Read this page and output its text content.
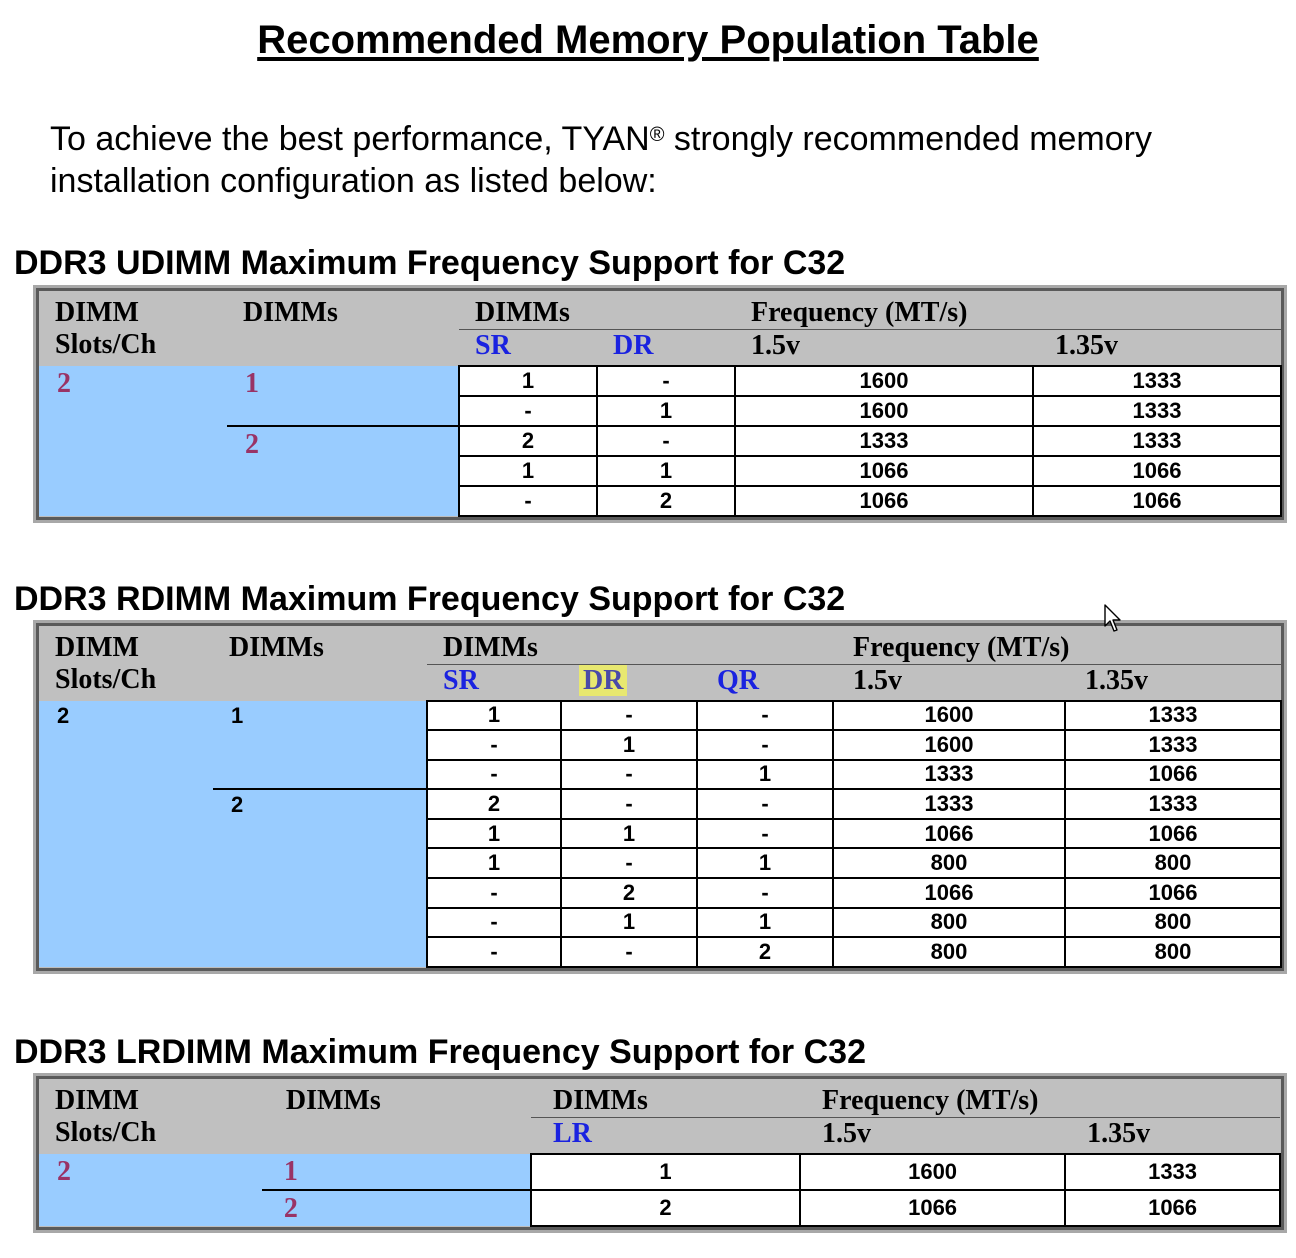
Recommended Memory Population Table

To achieve the best performance, TYAN® strongly recommended memory
installation configuration as listed below:

DDR3 UDIMM Maximum Frequency Support for C32
DIMM
Slots/Ch	DIMMs	DIMMs		Frequency (MT/s)	
		SR	DR	1.5v	1.35v
2	1	1	-	1600	1333
		-	1	1600	1333
	2	2	-	1333	1333
		1	1	1066	1066
		-	2	1066	1066
DDR3 RDIMM Maximum Frequency Support for C32
DIMM
Slots/Ch	DIMMs	DIMMs			Frequency (MT/s)	
		SR	DR	QR	1.5v	1.35v
2	1	1	-	-	1600	1333
		-	1	-	1600	1333
		-	-	1	1333	1066
	2	2	-	-	1333	1333
		1	1	-	1066	1066
		1	-	1	800	800
		-	2	-	1066	1066
		-	1	1	800	800
		-	-	2	800	800
DDR3 LRDIMM Maximum Frequency Support for C32
DIMM
Slots/Ch	DIMMs	DIMMs	Frequency (MT/s)	
		LR	1.5v	1.35v
2	1	1	1600	1333
	2	2	1066	1066
